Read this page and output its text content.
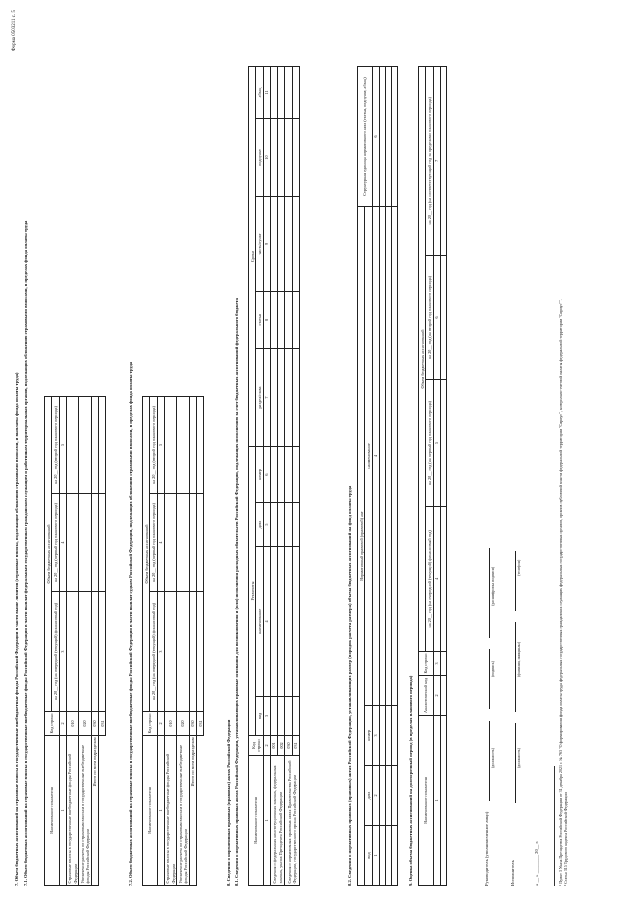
Форма 0503211 с. 5

7. Объем бюджетных ассигнований на страховые взносы в государственные внебюджетные фонды Российской Федерации в части выше лимитов (страховые взносы, подлежащие обложению страховыми взносами, и выплаты фонда оплаты труда) 7.1. Объем бюджетных ассигнований на страховые взносы в государственные внебюджетные фонды Российской Федерации в части выплат федеральным государственным гражданским служащим и работникам территориальных органов, подлежащих обложению страховыми взносами, в пределах фонда оплаты труда	Наименование показателя	Код строки	Объем бюджетных ассигнований		
		на 20__ год (на очередной (текущий) финансовый год)	на 20__ год (первый год планового периода)	на 20__ год (второй год планового периода)
1	2	3	4	5
Страховые взносы в государственные внебюджетные фонды Российской Федерации	010			
Увеличение расчета по страховым взносам в государственные внебюджетные фонды Российской Федерации	020			
Итого по всем подразделам	030			
	031				7.2. Объем бюджетных ассигнований на страховые взносы в государственные внебюджетные фонды Российской Федерации в части выплат судьям Российской Федерации, подлежащих обложению страховыми взносами, в пределах фонда оплаты труда	Наименование показателя	Код строки	Объем бюджетных ассигнований		
		на 20__ год (на очередной (текущий) финансовый год)	на 20__ год (первый год планового периода)	на 20__ год (второй год планового периода)
1	2	3	4	5
Страховые взносы в государственные внебюджетные фонды Российской Федерации	010			
Увеличение расчета по страховым взносам в государственные внебюджетные фонды Российской Федерации	020			
Итого по всем подразделам	030			
	031				8. Сведения о нормативных правовых (правовых) актах Российской Федерации 8.1. Сведения о нормативных правовых актах Российской Федерации, устанавливающих правовые основания для возникновения и (или) исполнения расходных обязательств Российской Федерации, подлежащих исполнению за счет бюджетных ассигнований федерального бюджета	Наименование показателя	Код строки	Реквизиты				Сроки				
		вид	наименование	дата	номер	раздел/глава	статья	часть/пункт	подпункт	абзац
1	2	3	4	5	6	7	8	9	10	11
Сведения о федеральных конституционных законах, федеральных законах, указах Президента Российской Федерации	001									
	002									
Сведения о нормативных правовых актах Правительства Российской Федерации, государственного органа Российской Федерации	030									
	031										8.2. Сведения о нормативных правовых (правовых) актах Российской Федерации, устанавливающих размер (порядок расчета размера) объема бюджетных ассигнований на фонд оплаты труда Нормативный правовой (правовой) акт				Структурная единица нормативного акта (статья, подпункт, абзац)
вид	дата	номер	наименование	
1	2	3	4	6

9. Оценка объема бюджетных ассигнований на долгосрочный период (в пределах планового периода) Наименование показателя	Аналитический код	Код строки	Объем бюджетных ассигнований			
			на 20__ год (на очередной (текущий) финансовый год)	на 20__ год (на первый год планового периода)	на 20__ год (на второй год планового периода)	на 20__ год (на соответствующий год за пределами планового периода)
1	2	3	4	5	6	7

Руководитель (уполномоченное лицо)
(должность) (подпись) (расшифровка подписи)
Исполнитель
(должность) (фамилия, инициалы) (телефон)
« __ » ________ 20__ г.	¹ Пункт 3 Указа Президента Российской Федерации от 31 декабря 2021 г. № 763 "О формировании фонда оплаты труда федеральных государственных гражданских служащих федеральных государственных органов, органов публичной власти федеральной территории "Сириус", контрольно-счетной палаты федеральной территории "Сириус"". ² Статья 315 Трудового кодекса Российской Федерации
